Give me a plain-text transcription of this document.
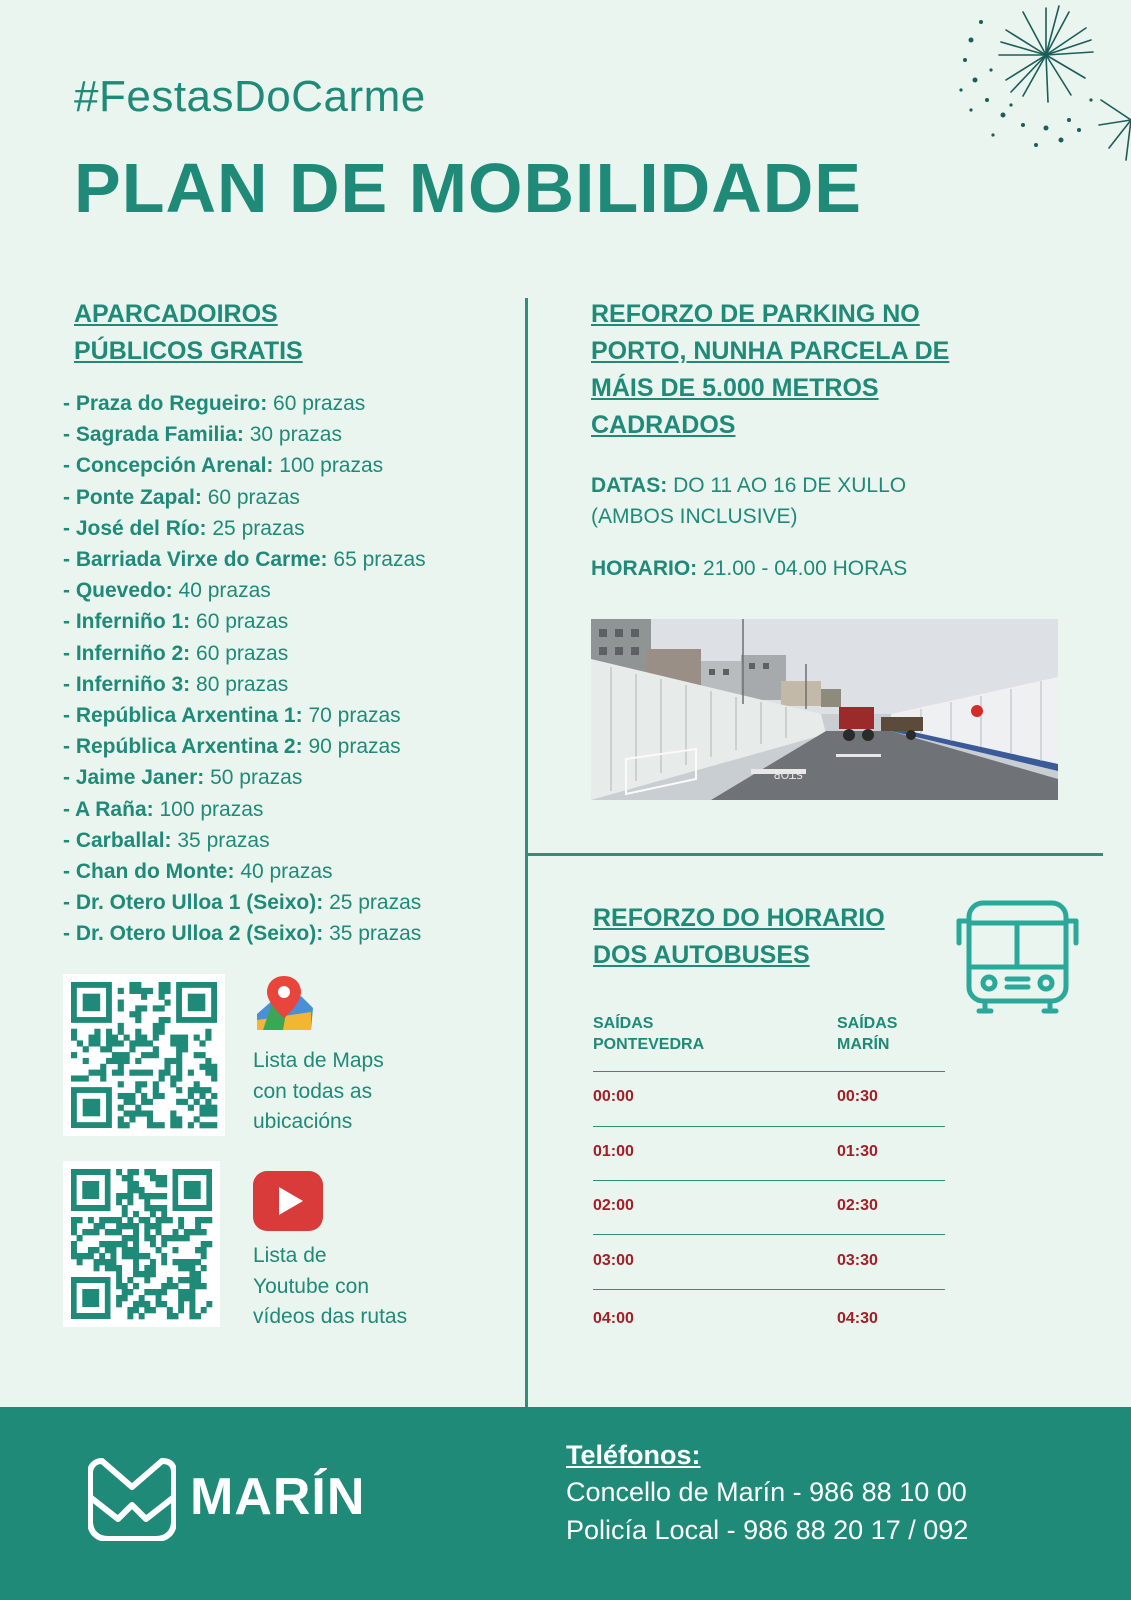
#FestasDoCarme
PLAN DE MOBILIDADE
APARCADOIROS
PÚBLICOS GRATIS
- Praza do Regueiro: 60 prazas
- Sagrada Familia: 30 prazas
- Concepción Arenal: 100 prazas
- Ponte Zapal: 60 prazas
- José del Río: 25 prazas
- Barriada Virxe do Carme: 65 prazas
- Quevedo: 40 prazas
- Inferniño 1: 60 prazas
- Inferniño 2: 60 prazas
- Inferniño 3: 80 prazas
- República Arxentina 1: 70 prazas
- República Arxentina 2: 90 prazas
- Jaime Janer: 50 prazas
- A Raña: 100 prazas
- Carballal: 35 prazas
- Chan do Monte: 40 prazas
- Dr. Otero Ulloa 1 (Seixo): 25 prazas
- Dr. Otero Ulloa 2 (Seixo): 35 prazas
Lista de Maps
con todas as
ubicacións
Lista de
Youtube con
vídeos das rutas
REFORZO DE PARKING NO
PORTO, NUNHA PARCELA DE
MÁIS DE 5.000 METROS
CADRADOS
DATAS: DO 11 AO 16 DE XULLO
(AMBOS INCLUSIVE)
HORARIO: 21.00 - 04.00 HORAS
STOP
REFORZO DO HORARIO
DOS AUTOBUSES
SAÍDAS
PONTEVEDRA
SAÍDAS
MARÍN
00:00	00:30
01:00	01:30
02:00	02:30
03:00	03:30
04:00	04:30
MARÍN
Teléfonos:
Concello de Marín - 986 88 10 00
Policía Local - 986 88 20 17 / 092
